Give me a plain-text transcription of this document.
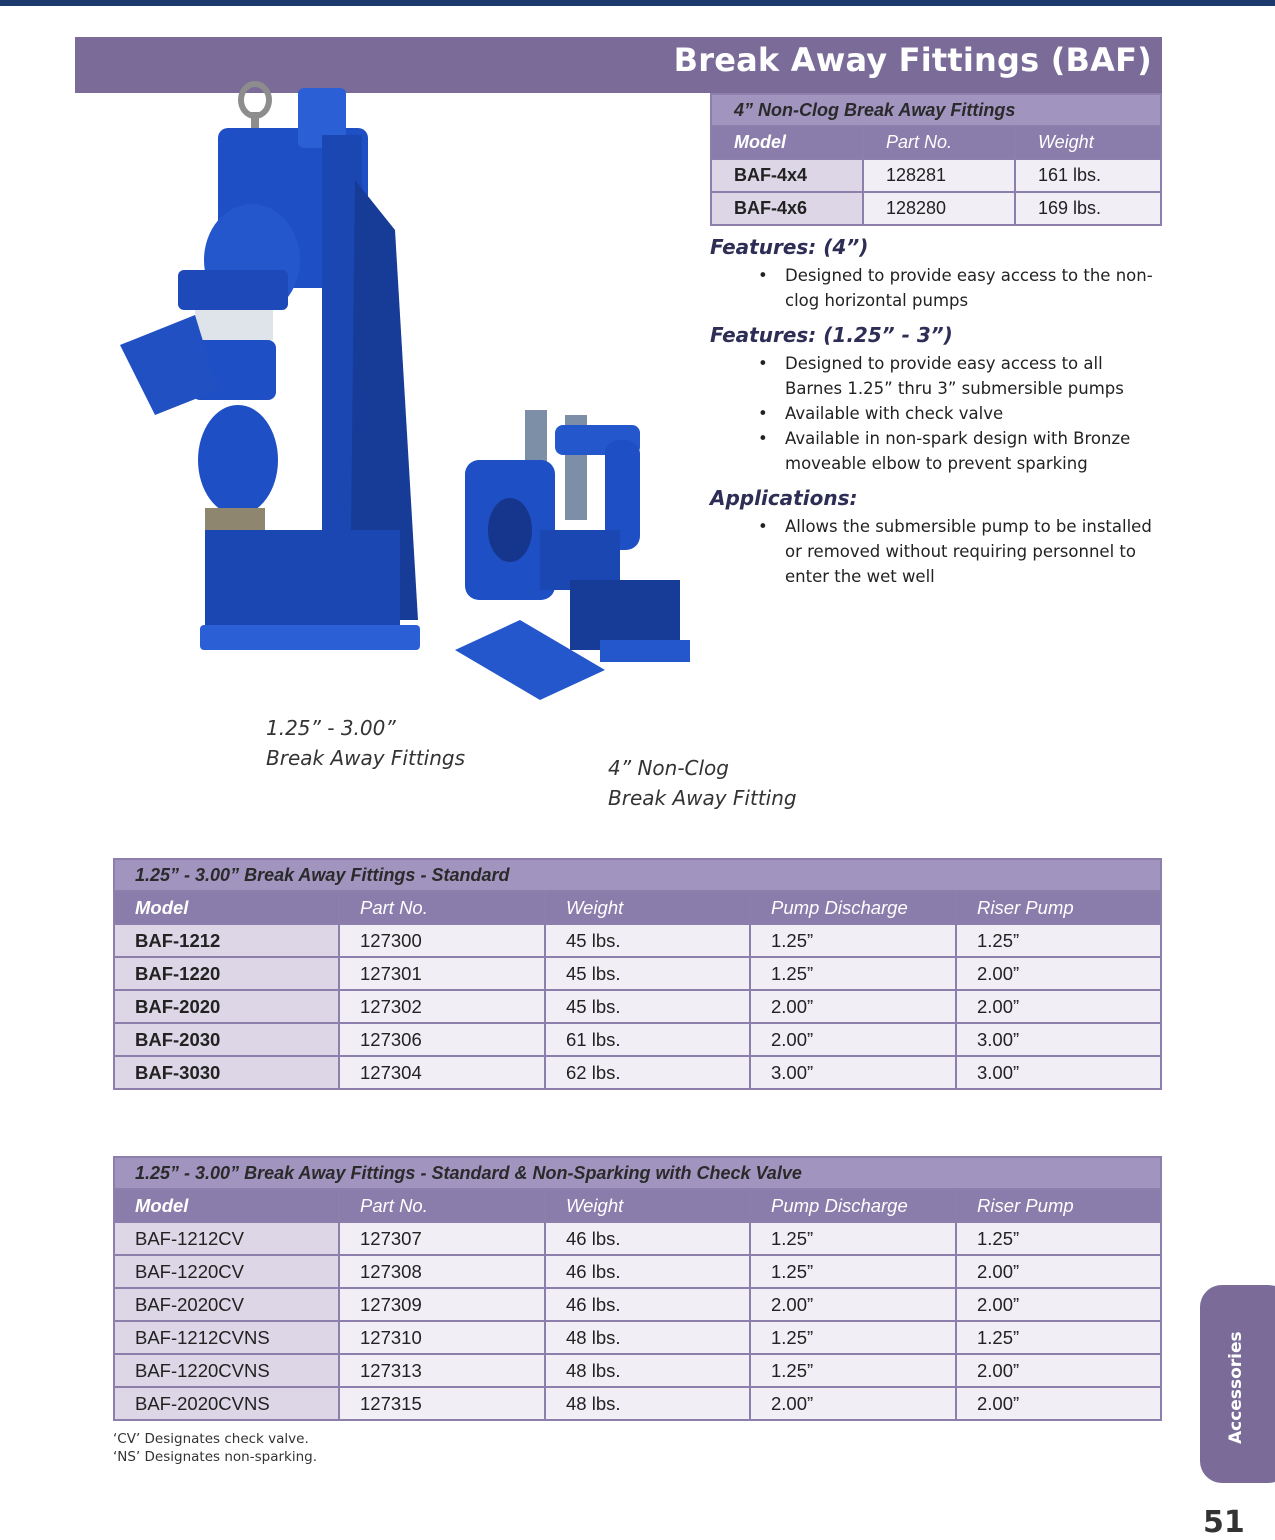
Break Away Fittings (BAF)
1.25” - 3.00”
Break Away Fittings	4” Non-Clog
Break Away Fitting
4” Non-Clog Break Away Fittings		
Model	Part No.	Weight
BAF-4x4	128281	161 lbs.
BAF-4x6	128280	169 lbs.

Features: (4”)

• Designed to provide easy access to the non-clog horizontal pumps

Features: (1.25” - 3”)

• Designed to provide easy access to all Barnes 1.25” thru 3” submersible pumps
• Available with check valve
• Available in non-spark design with Bronze moveable elbow to prevent sparking

Applications:

• Allows the submersible pump to be installed or removed without requiring personnel to enter the wet well
1.25” - 3.00” Break Away Fittings - Standard				
Model	Part No.	Weight	Pump Discharge	Riser Pump
BAF-1212	127300	45 lbs.	1.25”	1.25”
BAF-1220	127301	45 lbs.	1.25”	2.00”
BAF-2020	127302	45 lbs.	2.00”	2.00”
BAF-2030	127306	61 lbs.	2.00”	3.00”
BAF-3030	127304	62 lbs.	3.00”	3.00”
1.25” - 3.00” Break Away Fittings - Standard & Non-Sparking with Check Valve				
Model	Part No.	Weight	Pump Discharge	Riser Pump
BAF-1212CV	127307	46 lbs.	1.25”	1.25”
BAF-1220CV	127308	46 lbs.	1.25”	2.00”
BAF-2020CV	127309	46 lbs.	2.00”	2.00”
BAF-1212CVNS	127310	48 lbs.	1.25”	1.25”
BAF-1220CVNS	127313	48 lbs.	1.25”	2.00”
BAF-2020CVNS	127315	48 lbs.	2.00”	2.00”
‘CV’ Designates check valve.
‘NS’ Designates non-sparking.
Accessories
51
